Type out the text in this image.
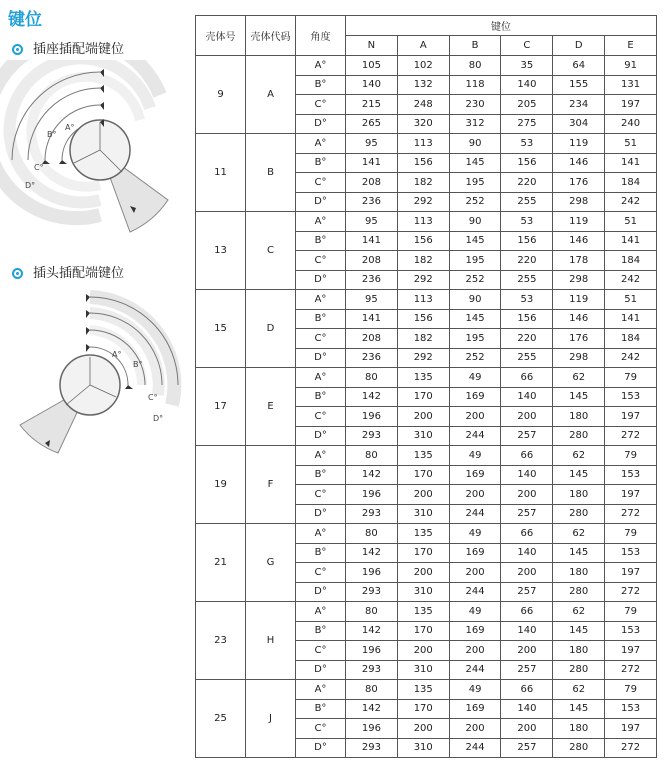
键位
插座插配端键位
A°
B°
C°
D°
插头插配端键位
A°
B°
C°
D°
壳体号	壳体代码	角度	键位					
			N	A	B	C	D	E
9	A	A°	105	102	80	35	64	91
		B°	140	132	118	140	155	131
		C°	215	248	230	205	234	197
		D°	265	320	312	275	304	240
11	B	A°	95	113	90	53	119	51
		B°	141	156	145	156	146	141
		C°	208	182	195	220	176	184
		D°	236	292	252	255	298	242
13	C	A°	95	113	90	53	119	51
		B°	141	156	145	156	146	141
		C°	208	182	195	220	178	184
		D°	236	292	252	255	298	242
15	D	A°	95	113	90	53	119	51
		B°	141	156	145	156	146	141
		C°	208	182	195	220	176	184
		D°	236	292	252	255	298	242
17	E	A°	80	135	49	66	62	79
		B°	142	170	169	140	145	153
		C°	196	200	200	200	180	197
		D°	293	310	244	257	280	272
19	F	A°	80	135	49	66	62	79
		B°	142	170	169	140	145	153
		C°	196	200	200	200	180	197
		D°	293	310	244	257	280	272
21	G	A°	80	135	49	66	62	79
		B°	142	170	169	140	145	153
		C°	196	200	200	200	180	197
		D°	293	310	244	257	280	272
23	H	A°	80	135	49	66	62	79
		B°	142	170	169	140	145	153
		C°	196	200	200	200	180	197
		D°	293	310	244	257	280	272
25	J	A°	80	135	49	66	62	79
		B°	142	170	169	140	145	153
		C°	196	200	200	200	180	197
		D°	293	310	244	257	280	272
